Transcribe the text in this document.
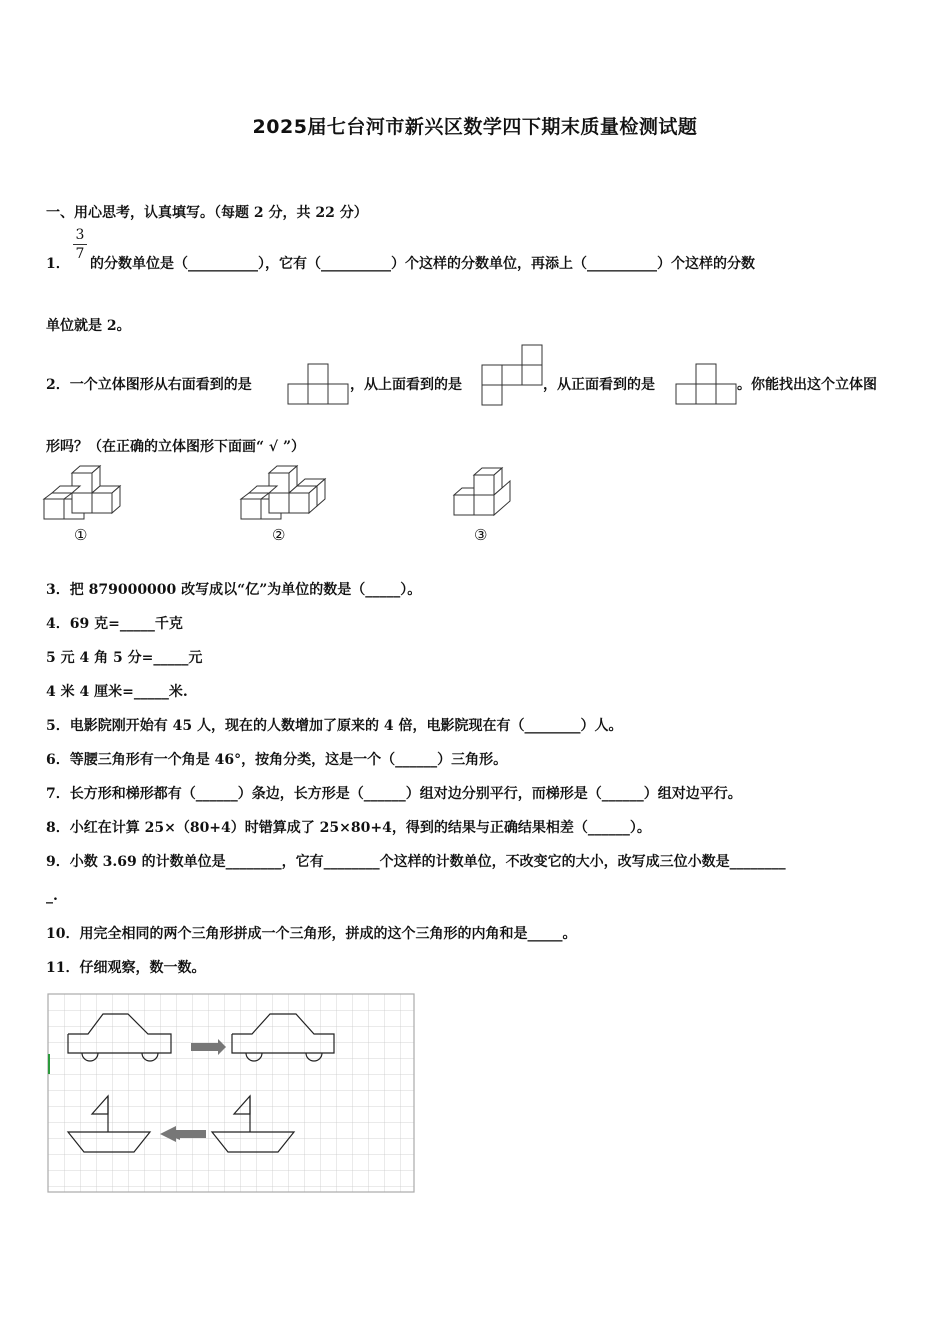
2025届七台河市新兴区数学四下期末质量检测试题
一、用心思考，认真填写。（每题 2 分，共 22 分）
3
7
1． 的分数单位是（__________），它有（__________）个这样的分数单位，再添上（__________）个这样的分数
单位就是 2。
2．一个立体图形从右面看到的是	，从上面看到的是	，从正面看到的是	。你能找出这个立体图
形吗？（在正确的立体图形下面画“ √ ”）
①	②	③
3．把 879000000 改写成以“亿”为单位的数是（_____）。
4．69 克=_____千克
5 元 4 角 5 分=_____元
4 米 4 厘米=_____米.
5．电影院刚开始有 45 人，现在的人数增加了原来的 4 倍，电影院现在有（________）人。
6．等腰三角形有一个角是 46°，按角分类，这是一个（______）三角形。
7．长方形和梯形都有（______）条边，长方形是（______）组对边分别平行，而梯形是（______）组对边平行。
8．小红在计算 25×（80+4）时错算成了 25×80+4，得到的结果与正确结果相差（______）。
9．小数 3.69 的计数单位是________，它有________个这样的计数单位，不改变它的大小，改写成三位小数是________
_.
10．用完全相同的两个三角形拼成一个三角形，拼成的这个三角形的内角和是_____。
11．仔细观察，数一数。
